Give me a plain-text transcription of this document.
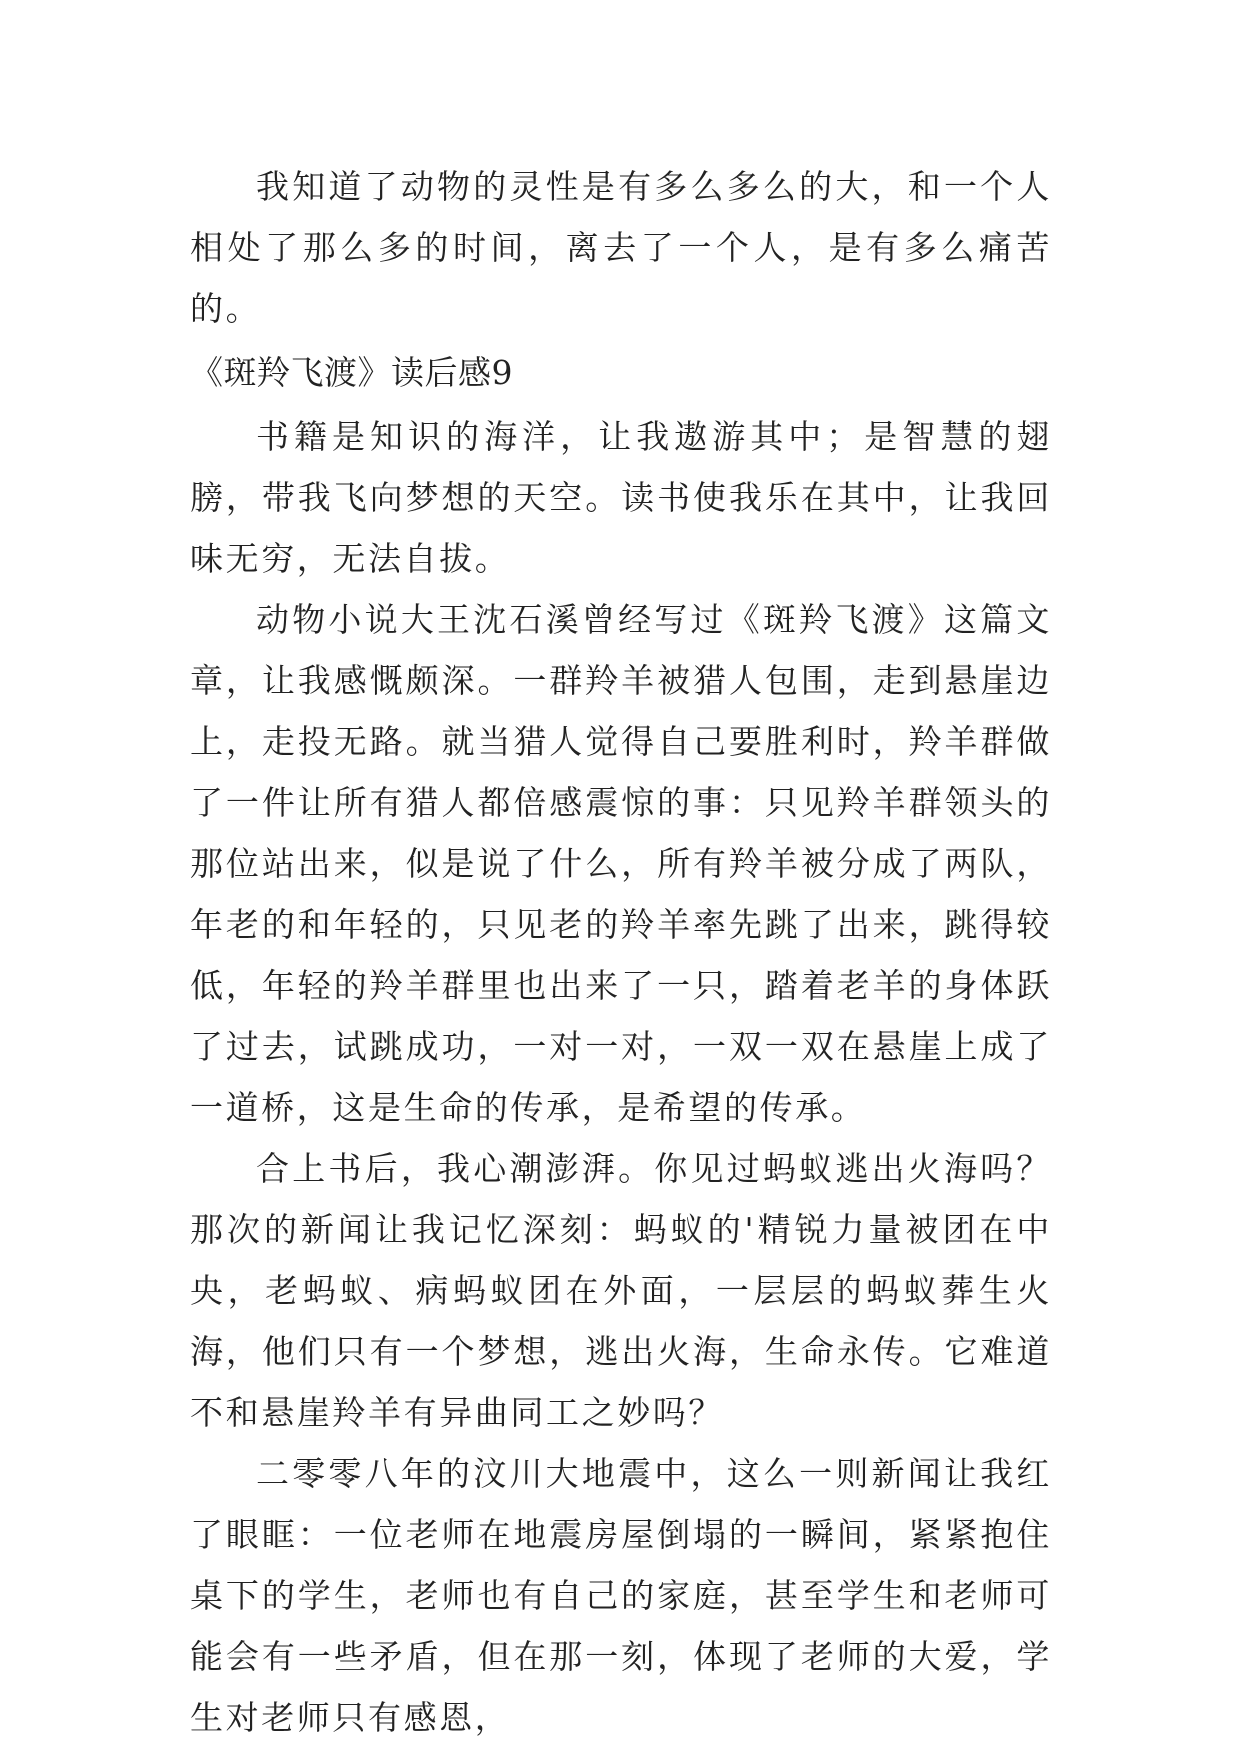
我知道了动物的灵性是有多么多么的大，和一个人相处了那么多的时间，离去了一个人，是有多么痛苦的。

《斑羚飞渡》读后感9

书籍是知识的海洋，让我遨游其中；是智慧的翅膀，带我飞向梦想的天空。读书使我乐在其中，让我回味无穷，无法自拔。

动物小说大王沈石溪曾经写过《斑羚飞渡》这篇文章，让我感慨颇深。一群羚羊被猎人包围，走到悬崖边上，走投无路。就当猎人觉得自己要胜利时，羚羊群做了一件让所有猎人都倍感震惊的事：只见羚羊群领头的那位站出来，似是说了什么，所有羚羊被分成了两队，年老的和年轻的，只见老的羚羊率先跳了出来，跳得较低，年轻的羚羊群里也出来了一只，踏着老羊的身体跃了过去，试跳成功，一对一对，一双一双在悬崖上成了一道桥，这是生命的传承，是希望的传承。

合上书后，我心潮澎湃。你见过蚂蚁逃出火海吗？那次的新闻让我记忆深刻：蚂蚁的'精锐力量被团在中央，老蚂蚁、病蚂蚁团在外面，一层层的蚂蚁葬生火海，他们只有一个梦想，逃出火海，生命永传。它难道不和悬崖羚羊有异曲同工之妙吗？

二零零八年的汶川大地震中，这么一则新闻让我红了眼眶：一位老师在地震房屋倒塌的一瞬间，紧紧抱住桌下的学生，老师也有自己的家庭，甚至学生和老师可能会有一些矛盾，但在那一刻，体现了老师的大爱，学生对老师只有感恩，
